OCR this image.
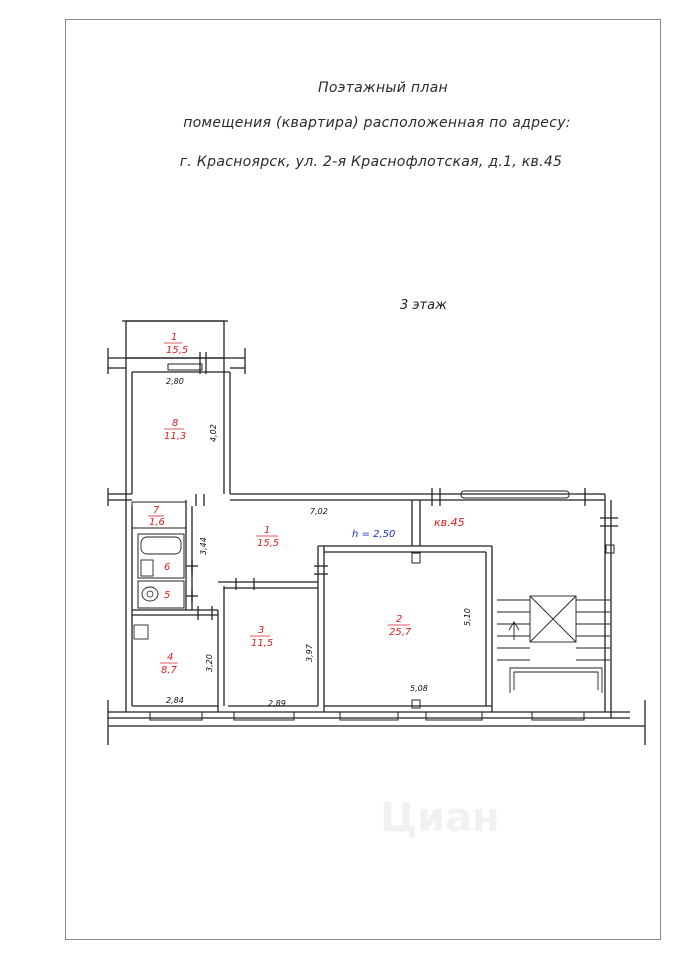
Поэтажный план
помещения (квартира) расположенная по адресу:
г. Красноярск, ул. 2-я Краснофлотская, д.1, кв.45
Циан
3 этаж
1
15,5
8
11,3
7
1,6
1
15,5
2
25,7
3
11,5
4
8,7
5
6
2,80
4,02
7,02
3,44
5,10
5,08
3,97
2,89
3,20
2,84
h = 2,50
кв.45
